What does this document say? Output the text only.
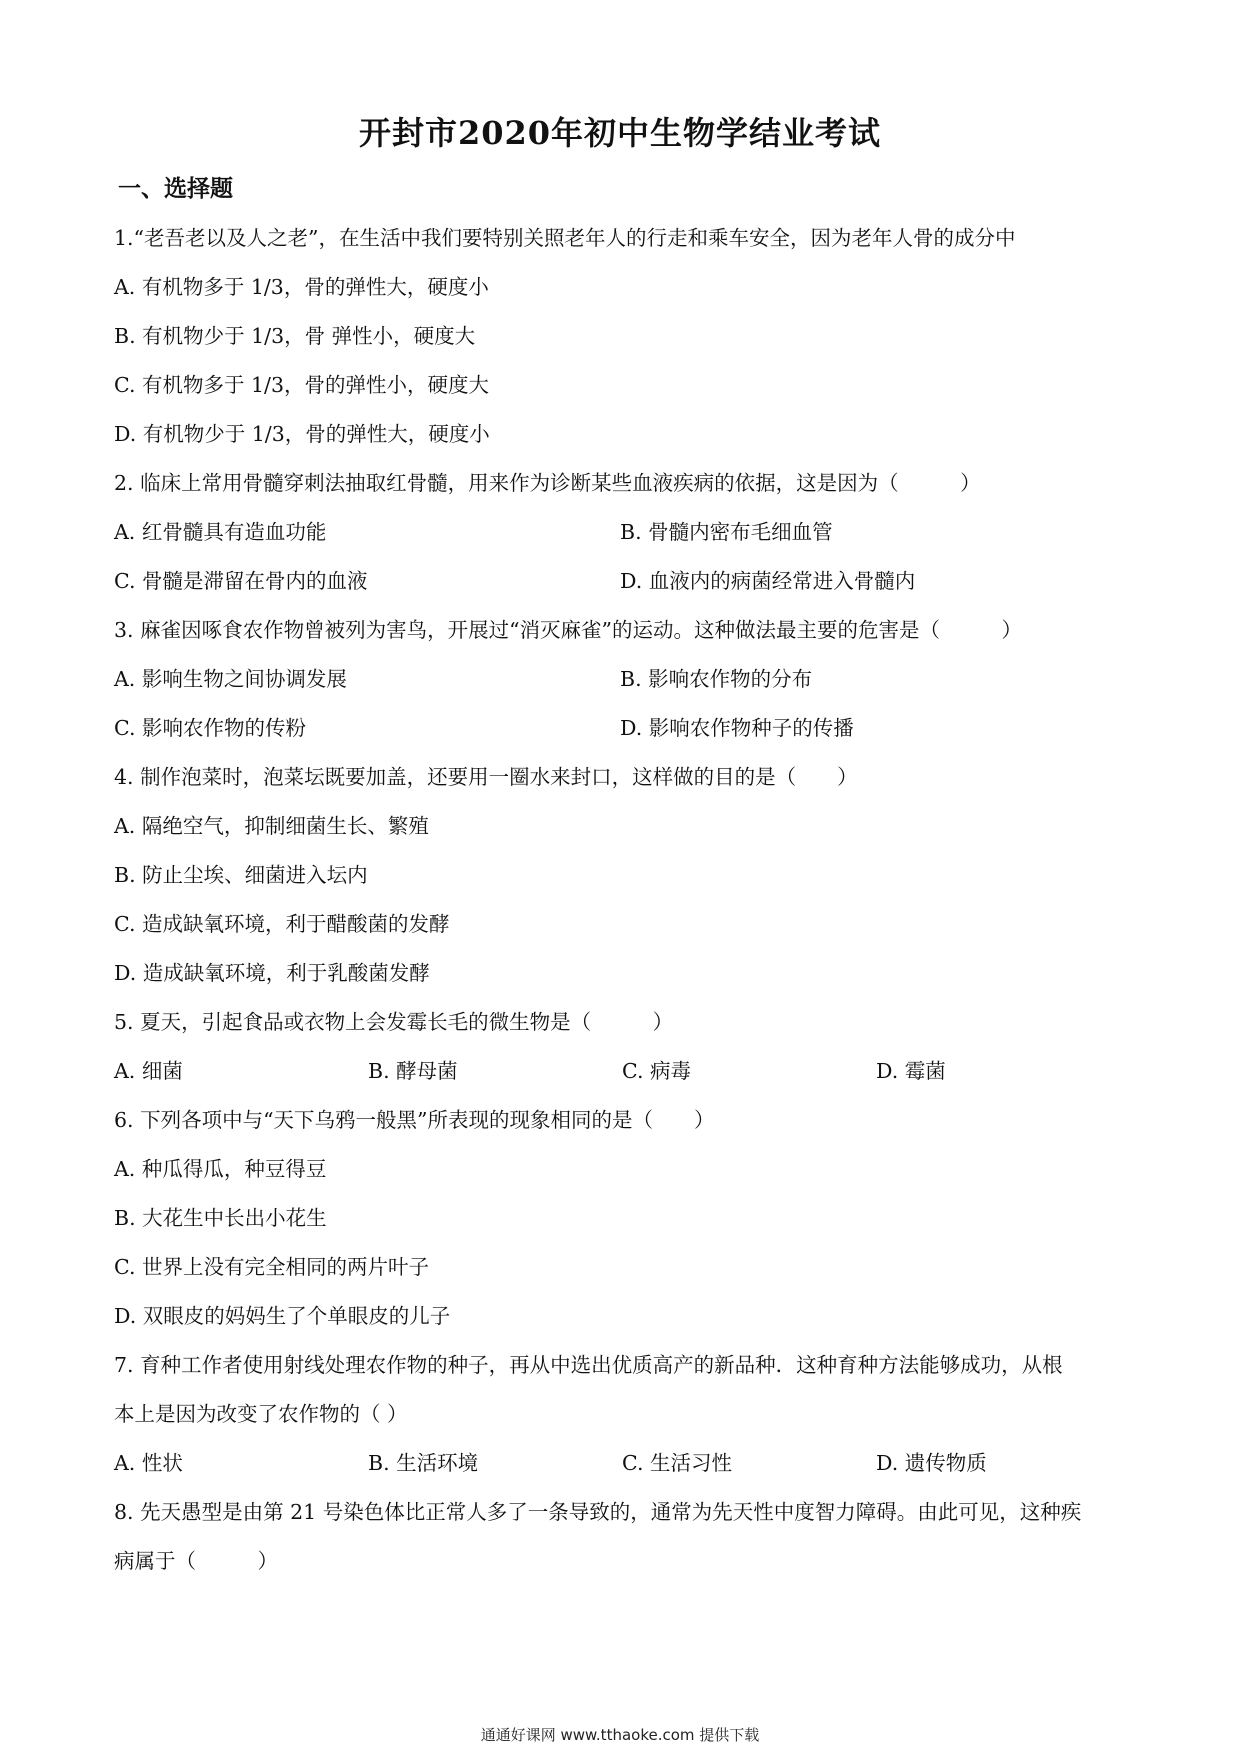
开封市2020年初中生物学结业考试
一、选择题
1.“老吾老以及人之老”，在生活中我们要特别关照老年人的行走和乘车安全，因为老年人骨的成分中
A. 有机物多于 1/3，骨的弹性大，硬度小
B. 有机物少于 1/3，骨 弹性小，硬度大
C. 有机物多于 1/3，骨的弹性小，硬度大
D. 有机物少于 1/3，骨的弹性大，硬度小
2. 临床上常用骨髓穿刺法抽取红骨髓，用来作为诊断某些血液疾病的依据，这是因为（　　　）
A. 红骨髓具有造血功能	B. 骨髓内密布毛细血管
C. 骨髓是滞留在骨内的血液	D. 血液内的病菌经常进入骨髓内
3. 麻雀因啄食农作物曾被列为害鸟，开展过“消灭麻雀”的运动。这种做法最主要的危害是（　　　）
A. 影响生物之间协调发展	B. 影响农作物的分布
C. 影响农作物的传粉	D. 影响农作物种子的传播
4. 制作泡菜时，泡菜坛既要加盖，还要用一圈水来封口，这样做的目的是（　　）
A. 隔绝空气，抑制细菌生长、繁殖
B. 防止尘埃、细菌进入坛内
C. 造成缺氧环境，利于醋酸菌的发酵
D. 造成缺氧环境，利于乳酸菌发酵
5. 夏天，引起食品或衣物上会发霉长毛的微生物是（　　　）
A. 细菌	B. 酵母菌	C. 病毒	D. 霉菌
6. 下列各项中与“天下乌鸦一般黑”所表现的现象相同的是（　　）
A. 种瓜得瓜，种豆得豆
B. 大花生中长出小花生
C. 世界上没有完全相同的两片叶子
D. 双眼皮的妈妈生了个单眼皮的儿子
7. 育种工作者使用射线处理农作物的种子，再从中选出优质高产的新品种．这种育种方法能够成功，从根
本上是因为改变了农作物的（ ）
A. 性状	B. 生活环境	C. 生活习性	D. 遗传物质
8. 先天愚型是由第 21 号染色体比正常人多了一条导致的，通常为先天性中度智力障碍。由此可见，这种疾
病属于（　　　）
通通好课网 www.tthaoke.com 提供下载
